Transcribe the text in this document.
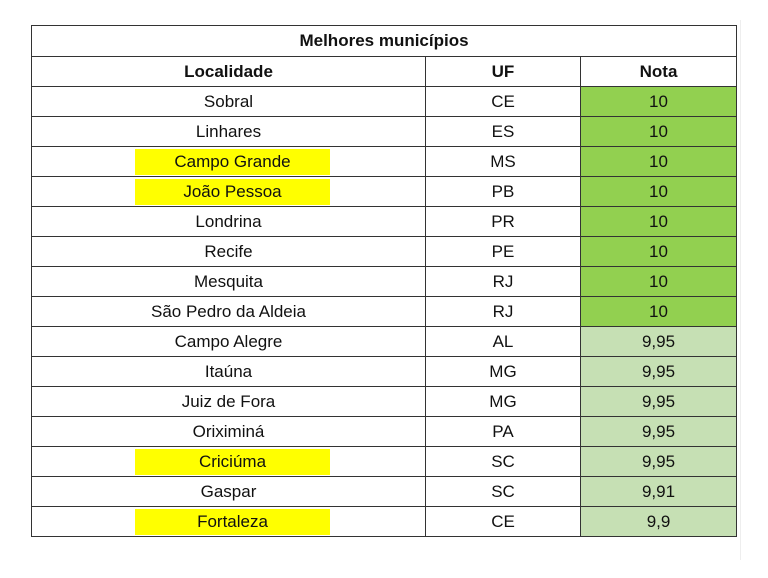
Melhores municípios		
Localidade	UF	Nota
Sobral	CE	10
Linhares	ES	10
Campo Grande	MS	10
João Pessoa	PB	10
Londrina	PR	10
Recife	PE	10
Mesquita	RJ	10
São Pedro da Aldeia	RJ	10
Campo Alegre	AL	9,95
Itaúna	MG	9,95
Juiz de Fora	MG	9,95
Oriximiná	PA	9,95
Criciúma	SC	9,95
Gaspar	SC	9,91
Fortaleza	CE	9,9
